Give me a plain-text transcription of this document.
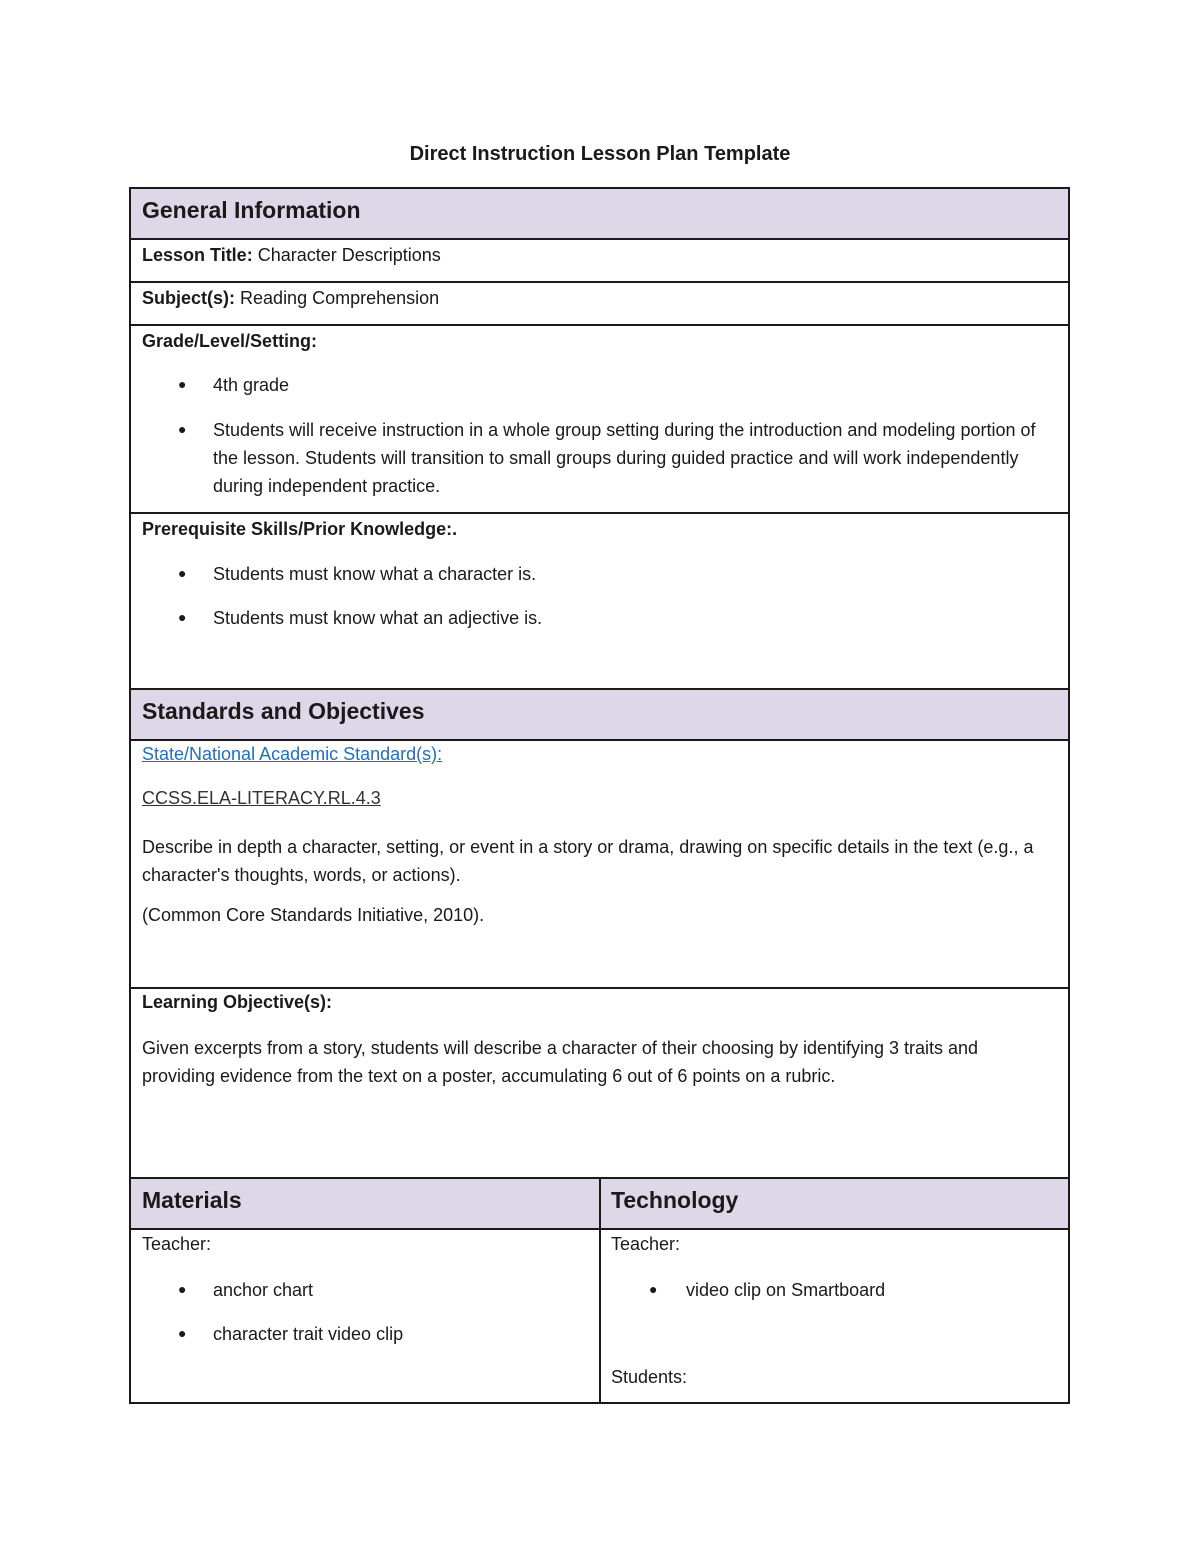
Direct Instruction Lesson Plan Template
General Information
Lesson Title: Character Descriptions
Subject(s): Reading Comprehension
Grade/Level/Setting:
● 4th grade
● Students will receive instruction in a whole group setting during the introduction and modeling portion of the lesson. Students will transition to small groups during guided practice and will work independently during independent practice.
Prerequisite Skills/Prior Knowledge:.
● Students must know what a character is.
● Students must know what an adjective is.
Standards and Objectives
State/National Academic Standard(s):
CCSS.ELA-LITERACY.RL.4.3
Describe in depth a character, setting, or event in a story or drama, drawing on specific details in the text (e.g., a character's thoughts, words, or actions).
(Common Core Standards Initiative, 2010).
Learning Objective(s):
Given excerpts from a story, students will describe a character of their choosing by identifying 3 traits and providing evidence from the text on a poster, accumulating 6 out of 6 points on a rubric.
Materials	Technology
Teacher:
● anchor chart
● character trait video clip
Teacher:
● video clip on Smartboard
Students:
